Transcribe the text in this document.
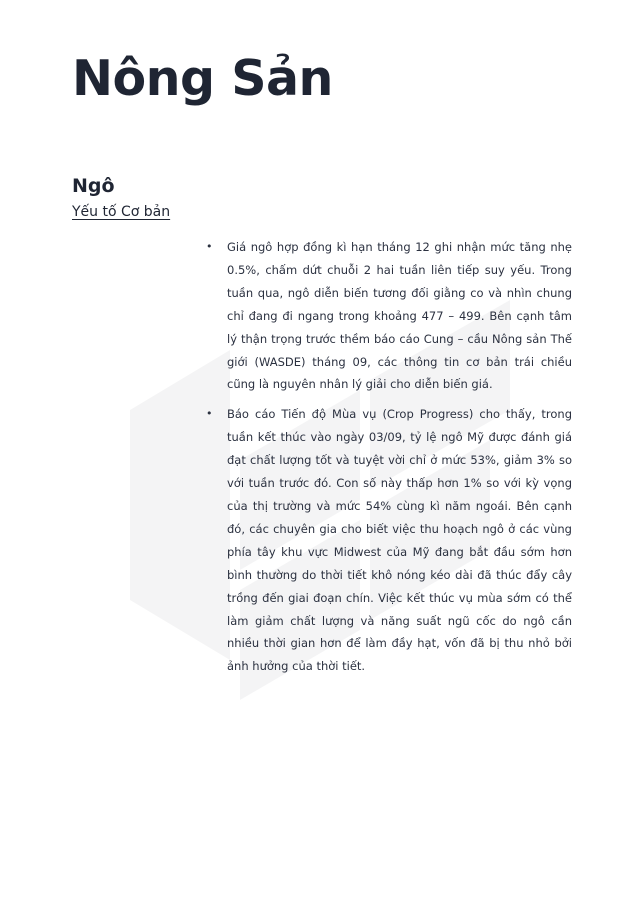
Nông Sản
Ngô
Yếu tố Cơ bản
• Giá ngô hợp đồng kì hạn tháng 12 ghi nhận mức tăng nhẹ 0.5%, chấm dứt chuỗi 2 hai tuần liên tiếp suy yếu. Trong tuần qua, ngô diễn biến tương đối giằng co và nhìn chung chỉ đang đi ngang trong khoảng 477 – 499. Bên cạnh tâm lý thận trọng trước thềm báo cáo Cung – cầu Nông sản Thế giới (WASDE) tháng 09, các thông tin cơ bản trái chiều cũng là nguyên nhân lý giải cho diễn biến giá.
• Báo cáo Tiến độ Mùa vụ (Crop Progress) cho thấy, trong tuần kết thúc vào ngày 03/09, tỷ lệ ngô Mỹ được đánh giá đạt chất lượng tốt và tuyệt vời chỉ ở mức 53%, giảm 3% so với tuần trước đó. Con số này thấp hơn 1% so với kỳ vọng của thị trường và mức 54% cùng kì năm ngoái. Bên cạnh đó, các chuyên gia cho biết việc thu hoạch ngô ở các vùng phía tây khu vực Midwest của Mỹ đang bắt đầu sớm hơn bình thường do thời tiết khô nóng kéo dài đã thúc đẩy cây trồng đến giai đoạn chín. Việc kết thúc vụ mùa sớm có thể làm giảm chất lượng và năng suất ngũ cốc do ngô cần nhiều thời gian hơn để làm đầy hạt, vốn đã bị thu nhỏ bởi ảnh hưởng của thời tiết.
